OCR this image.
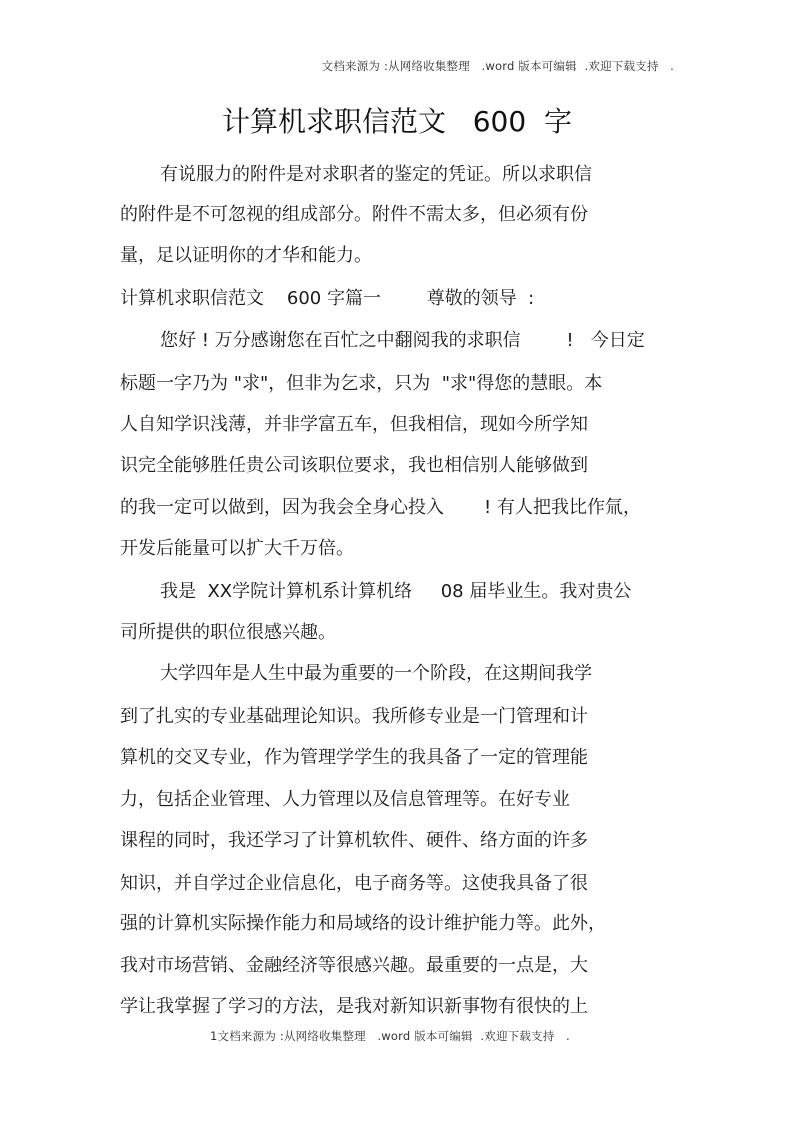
文档来源为 :从网络收集整理   .word 版本可编辑  .欢迎下载支持   .
计算机求职信范文   600  字
有说服力的附件是对求职者的鉴定的凭证。所以求职信
的附件是不可忽视的组成部分。附件不需太多，但必须有份
量，足以证明你的才华和能力。
计算机求职信范文    600 字篇一        尊敬的领导  :
您好 ! 万分感谢您在百忙之中翻阅我的求职信        !   今日定
标题一字乃为 "求"，但非为乞求，只为  "求"得您的慧眼。本
人自知学识浅薄，并非学富五车，但我相信，现如今所学知
识完全能够胜任贵公司该职位要求，我也相信别人能够做到
的我一定可以做到，因为我会全身心投入       ! 有人把我比作氚，
开发后能量可以扩大千万倍。
我是  XX学院计算机系计算机络     08 届毕业生。我对贵公
司所提供的职位很感兴趣。
大学四年是人生中最为重要的一个阶段，在这期间我学
到了扎实的专业基础理论知识。我所修专业是一门管理和计
算机的交叉专业，作为管理学学生的我具备了一定的管理能
力，包括企业管理、人力管理以及信息管理等。在好专业
课程的同时，我还学习了计算机软件、硬件、络方面的许多
知识，并自学过企业信息化，电子商务等。这使我具备了很
强的计算机实际操作能力和局域络的设计维护能力等。此外，
我对市场营销、金融经济等很感兴趣。最重要的一点是，大
学让我掌握了学习的方法，是我对新知识新事物有很快的上
1文档来源为 :从网络收集整理   .word 版本可编辑  .欢迎下载支持   .
